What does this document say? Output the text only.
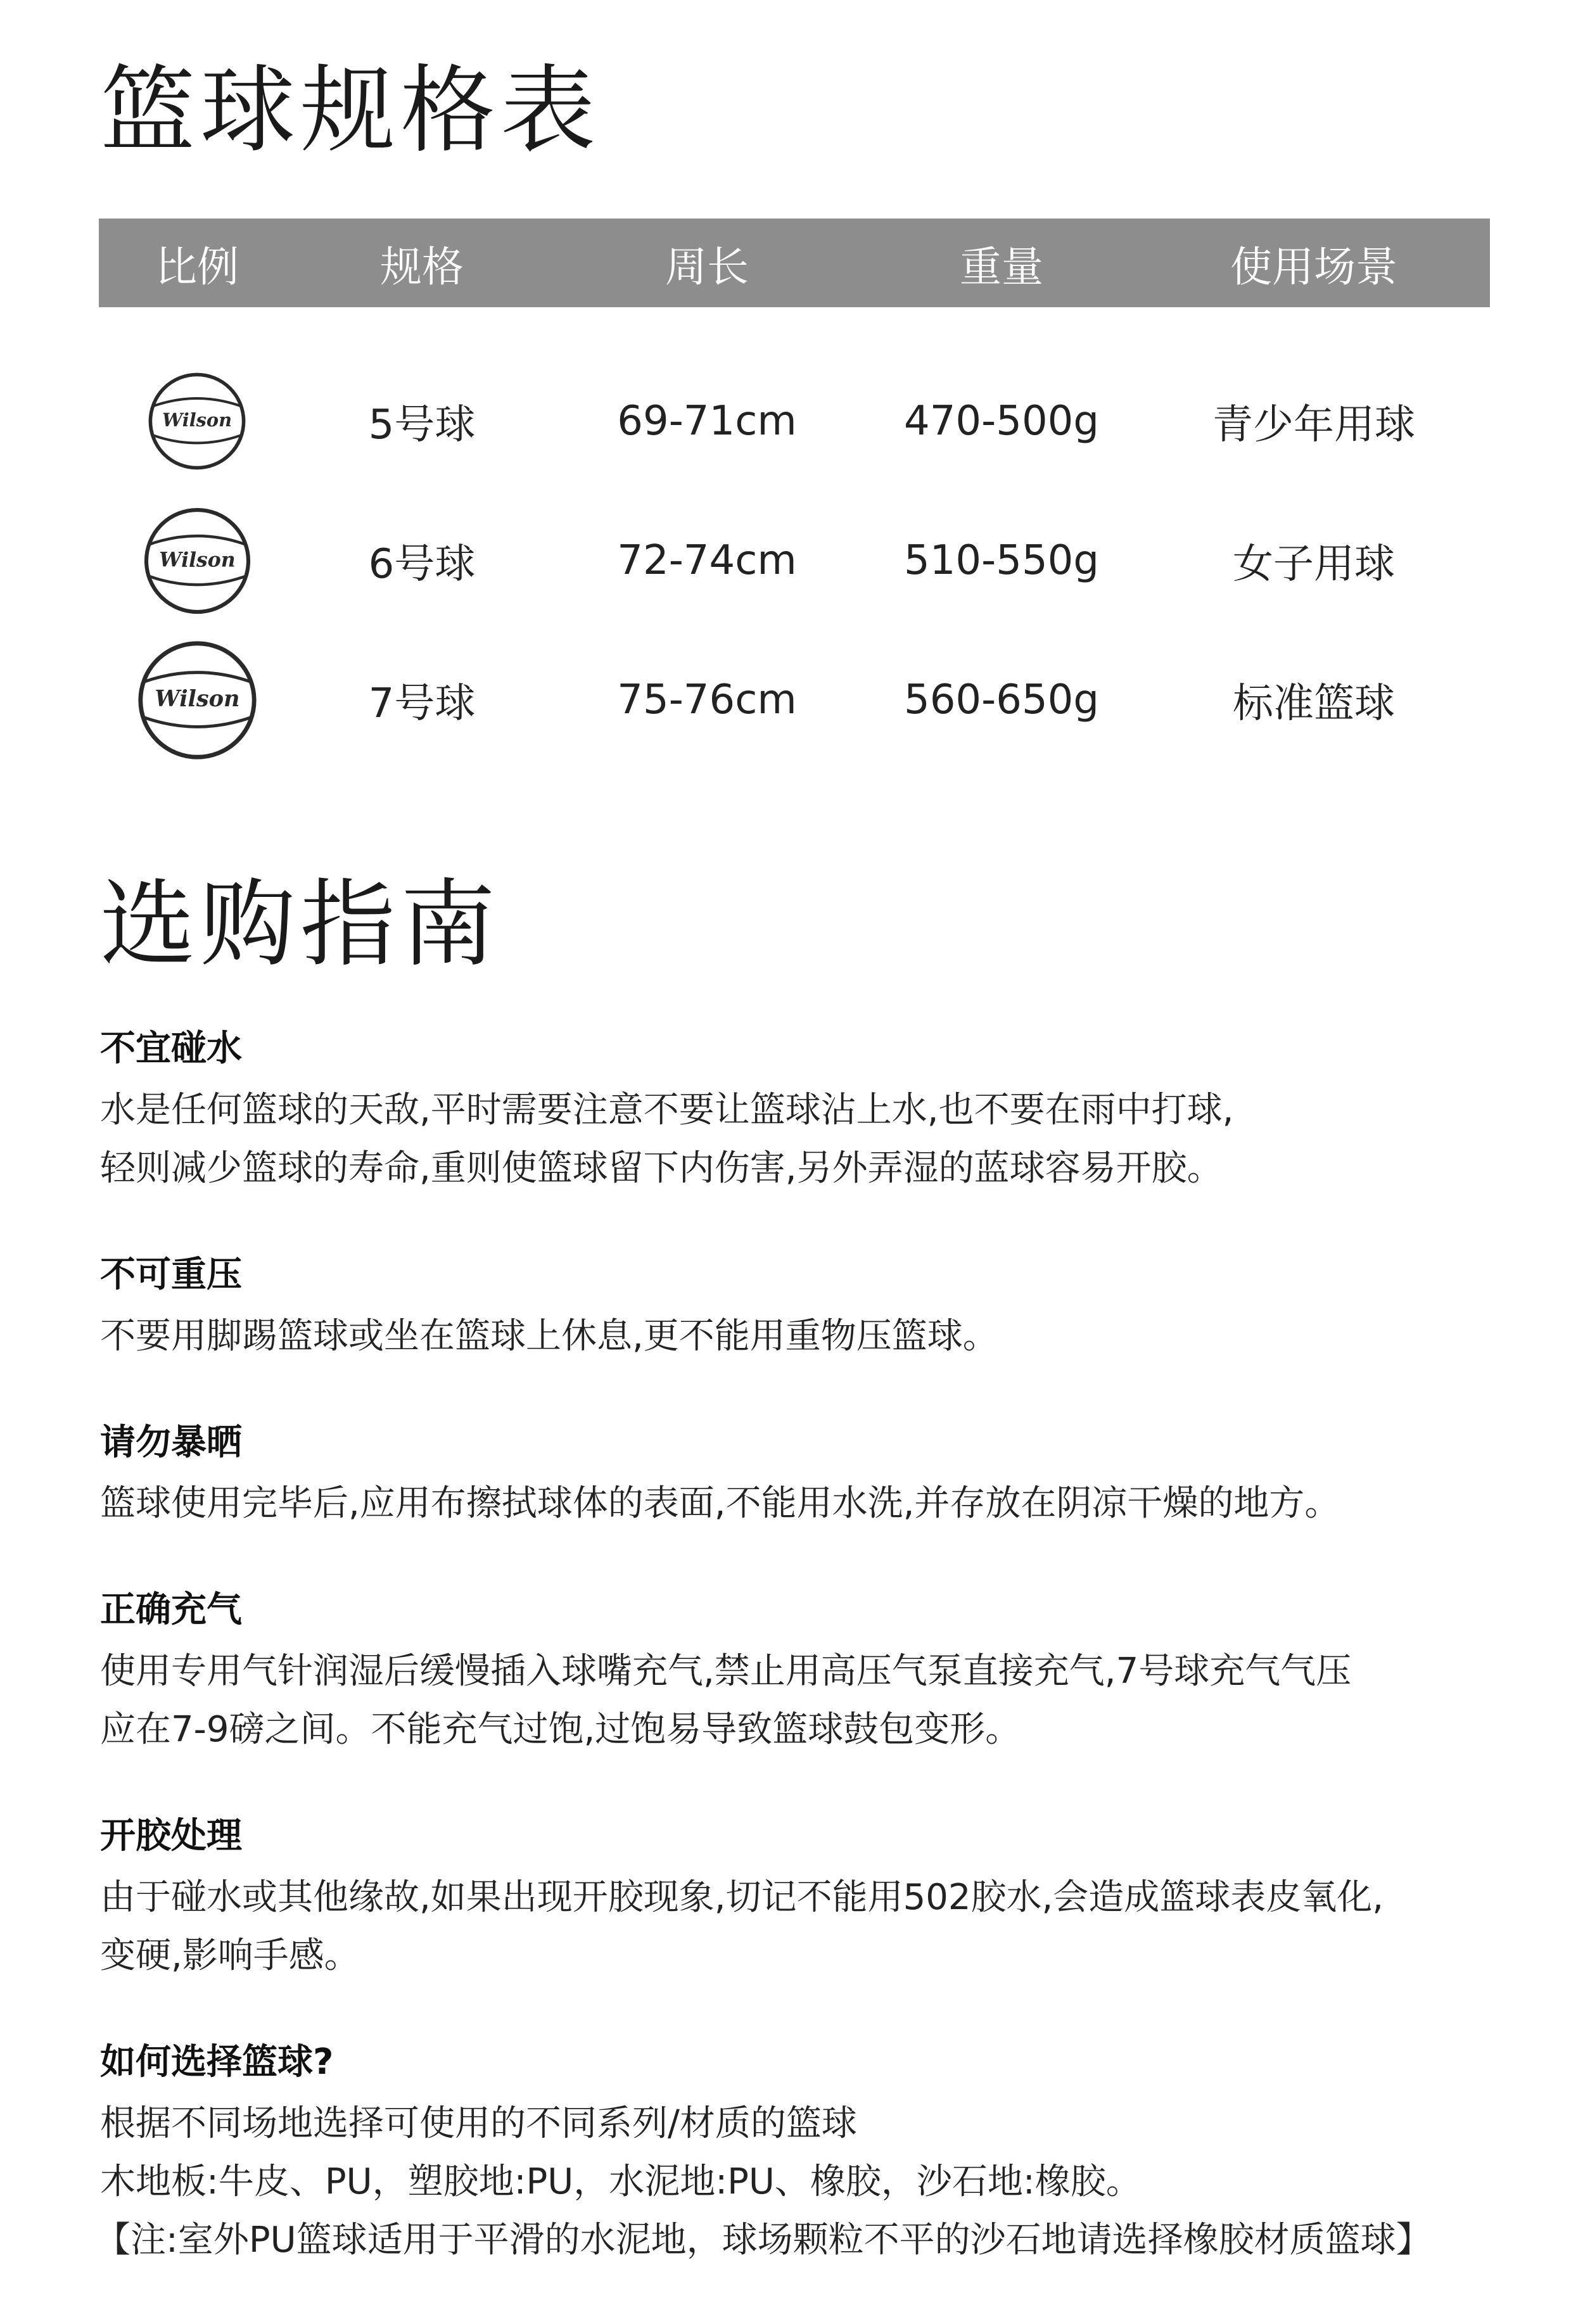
篮球规格表
比例	规格	周长	重量	使用场景
Wilson	5号球	69-71cm	470-500g	青少年用球
Wilson	6号球	72-74cm	510-550g	女子用球
Wilson	7号球	75-76cm	560-650g	标准篮球
选购指南

不宜碰水

水是任何篮球的天敌,平时需要注意不要让篮球沾上水,也不要在雨中打球,
轻则减少篮球的寿命,重则使篮球留下内伤害,另外弄湿的蓝球容易开胶。

不可重压

不要用脚踢篮球或坐在篮球上休息,更不能用重物压篮球。

请勿暴晒

篮球使用完毕后,应用布擦拭球体的表面,不能用水洗,并存放在阴凉干燥的地方。

正确充气

使用专用气针润湿后缓慢插入球嘴充气,禁止用高压气泵直接充气,7号球充气气压
应在7-9磅之间。不能充气过饱,过饱易导致篮球鼓包变形。

开胶处理

由于碰水或其他缘故,如果出现开胶现象,切记不能用502胶水,会造成篮球表皮氧化,
变硬,影响手感。

如何选择篮球?

根据不同场地选择可使用的不同系列/材质的篮球

木地板:牛皮、PU，塑胶地:PU，水泥地:PU、橡胶，沙石地:橡胶。

【注:室外PU篮球适用于平滑的水泥地，球场颗粒不平的沙石地请选择橡胶材质篮球】
